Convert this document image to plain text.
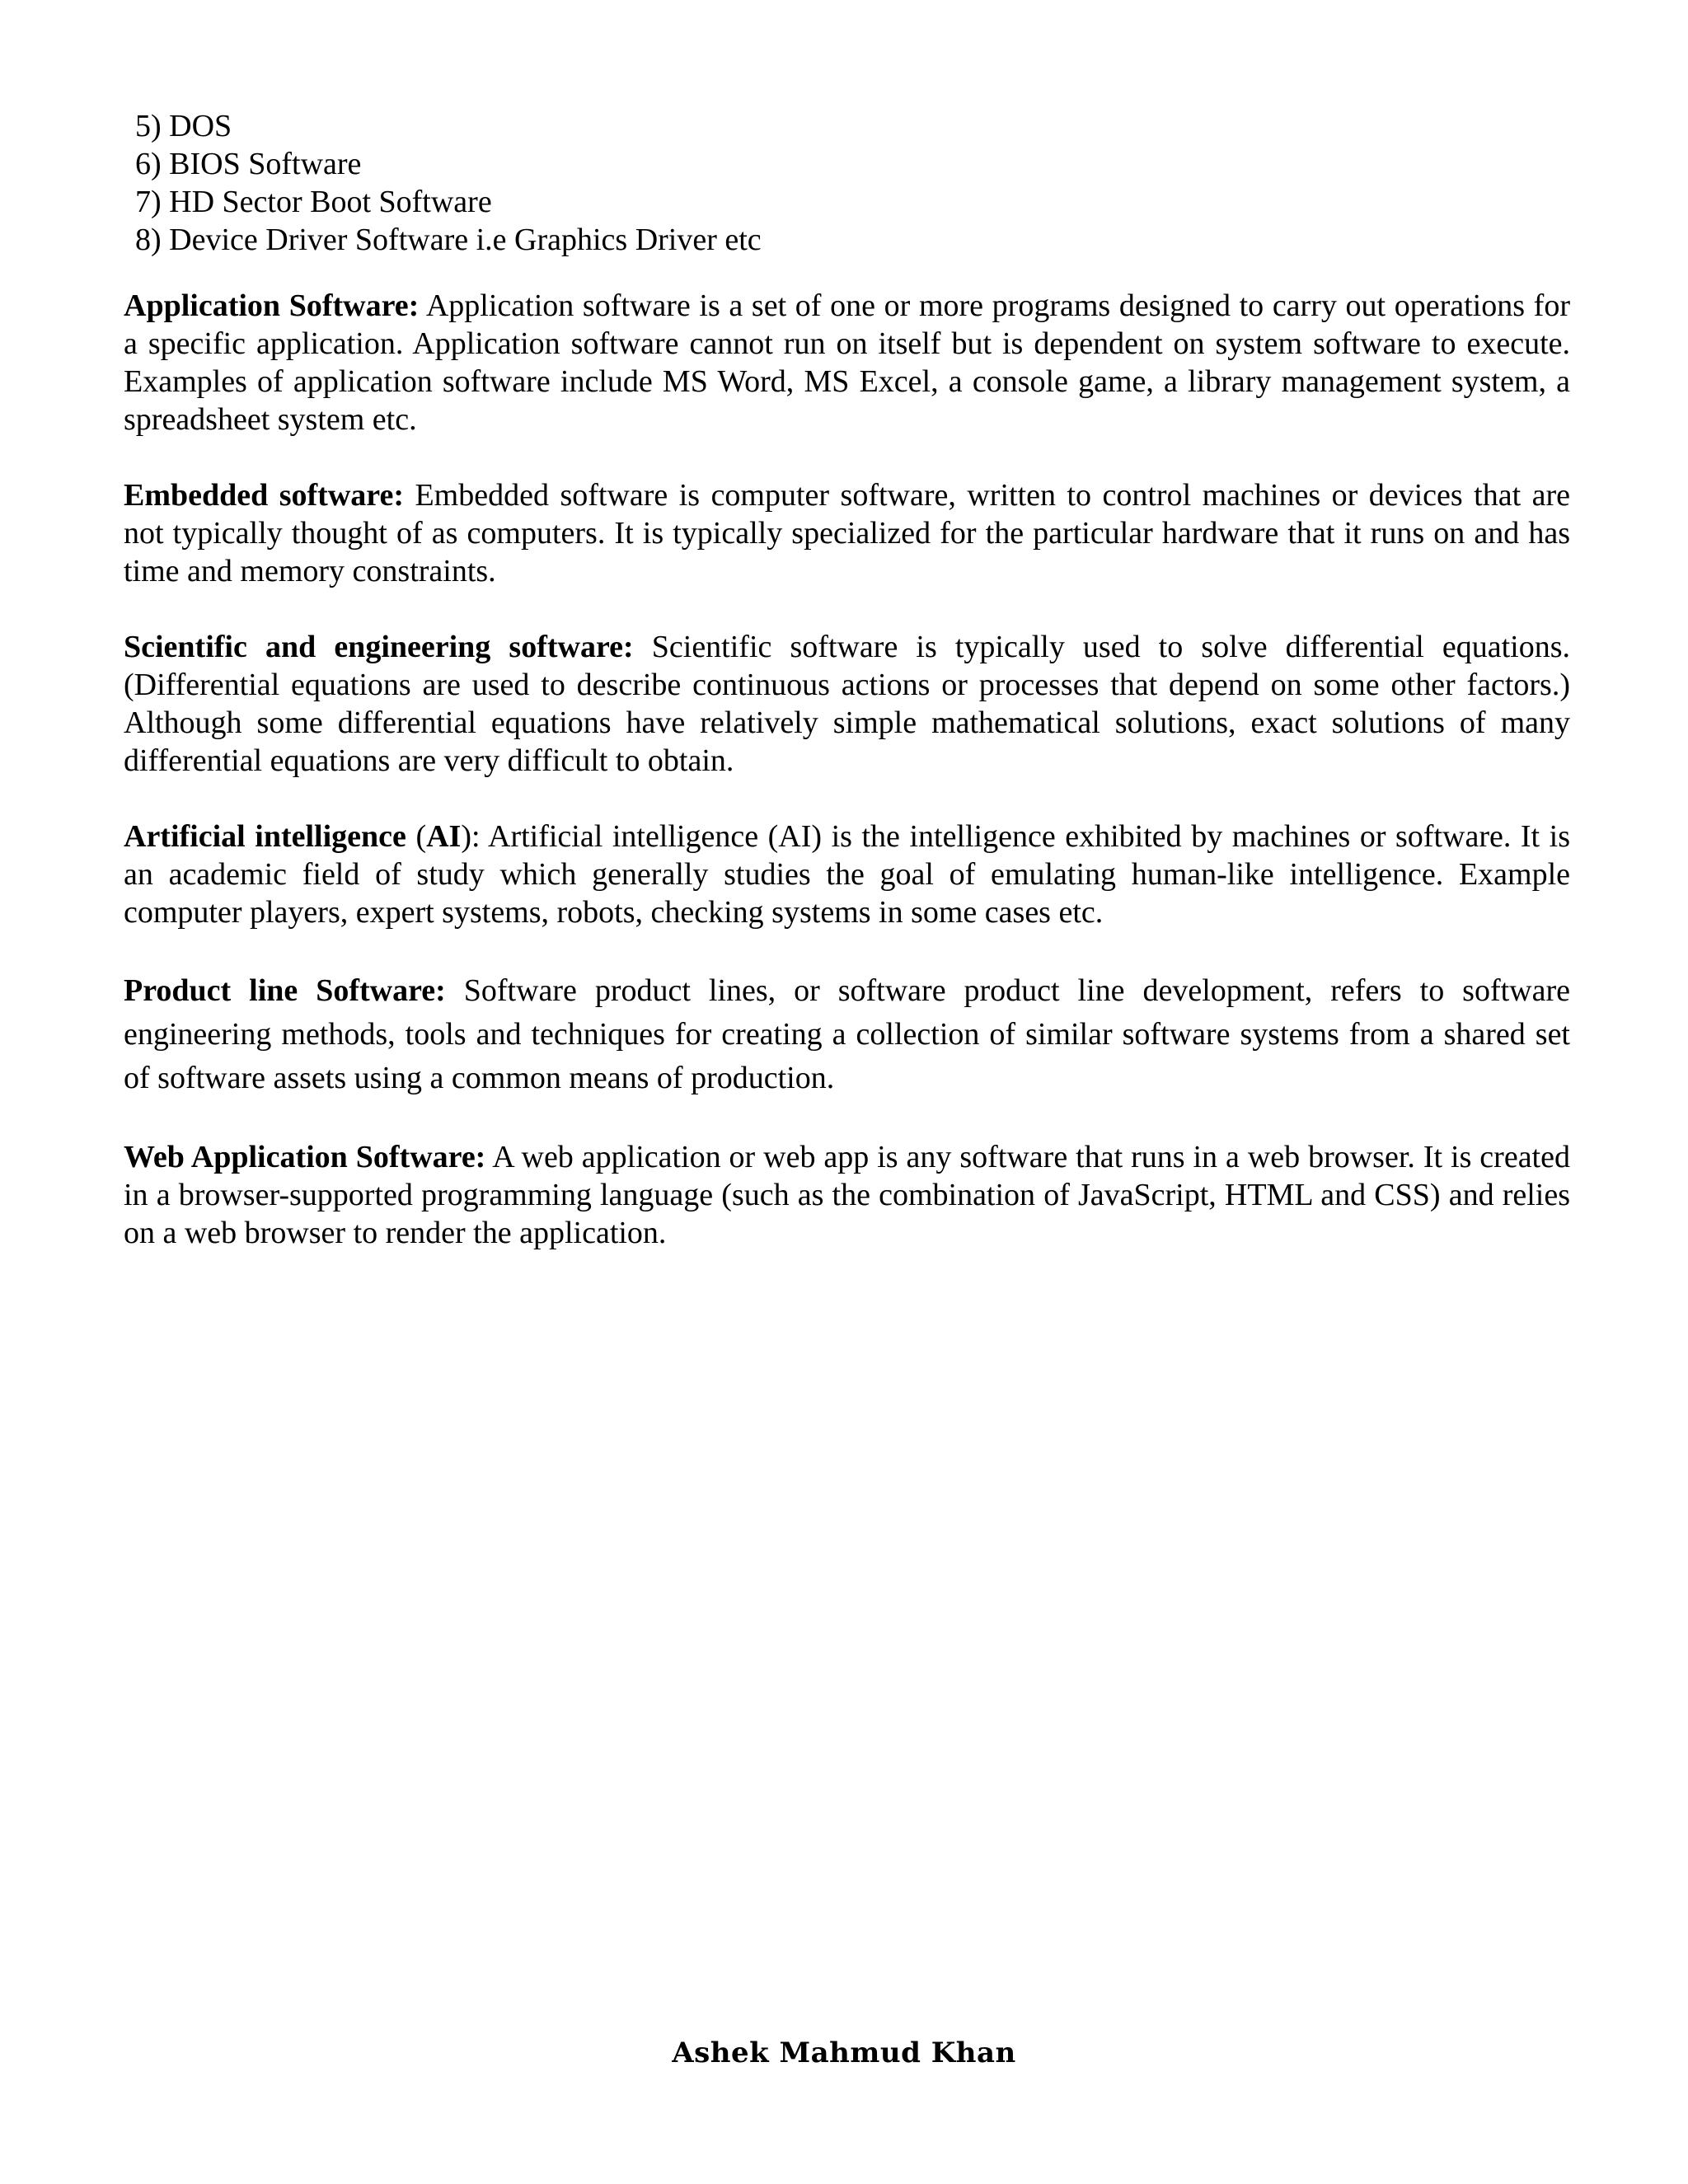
5) DOS
6) BIOS Software
7) HD Sector Boot Software
8) Device Driver Software i.e Graphics Driver etc

Application Software: Application software is a set of one or more programs designed to carry out operations for a specific application. Application software cannot run on itself but is dependent on system software to execute. Examples of application software include MS Word, MS Excel, a console game, a library management system, a spreadsheet system etc.

Embedded software: Embedded software is computer software, written to control machines or devices that are not typically thought of as computers. It is typically specialized for the particular hardware that it runs on and has time and memory constraints.

Scientific and engineering software: Scientific software is typically used to solve differential equations. (Differential equations are used to describe continuous actions or processes that depend on some other factors.) Although some differential equations have relatively simple mathematical solutions, exact solutions of many differential equations are very difficult to obtain.

Artificial intelligence (AI): Artificial intelligence (AI) is the intelligence exhibited by machines or software. It is an academic field of study which generally studies the goal of emulating human-like intelligence. Example computer players, expert systems, robots, checking systems in some cases etc.

Product line Software: Software product lines, or software product line development, refers to software engineering methods, tools and techniques for creating a collection of similar software systems from a shared set of software assets using a common means of production.

Web Application Software: A web application or web app is any software that runs in a web browser. It is created in a browser-supported programming language (such as the combination of JavaScript, HTML and CSS) and relies on a web browser to render the application.

Ashek Mahmud Khan
